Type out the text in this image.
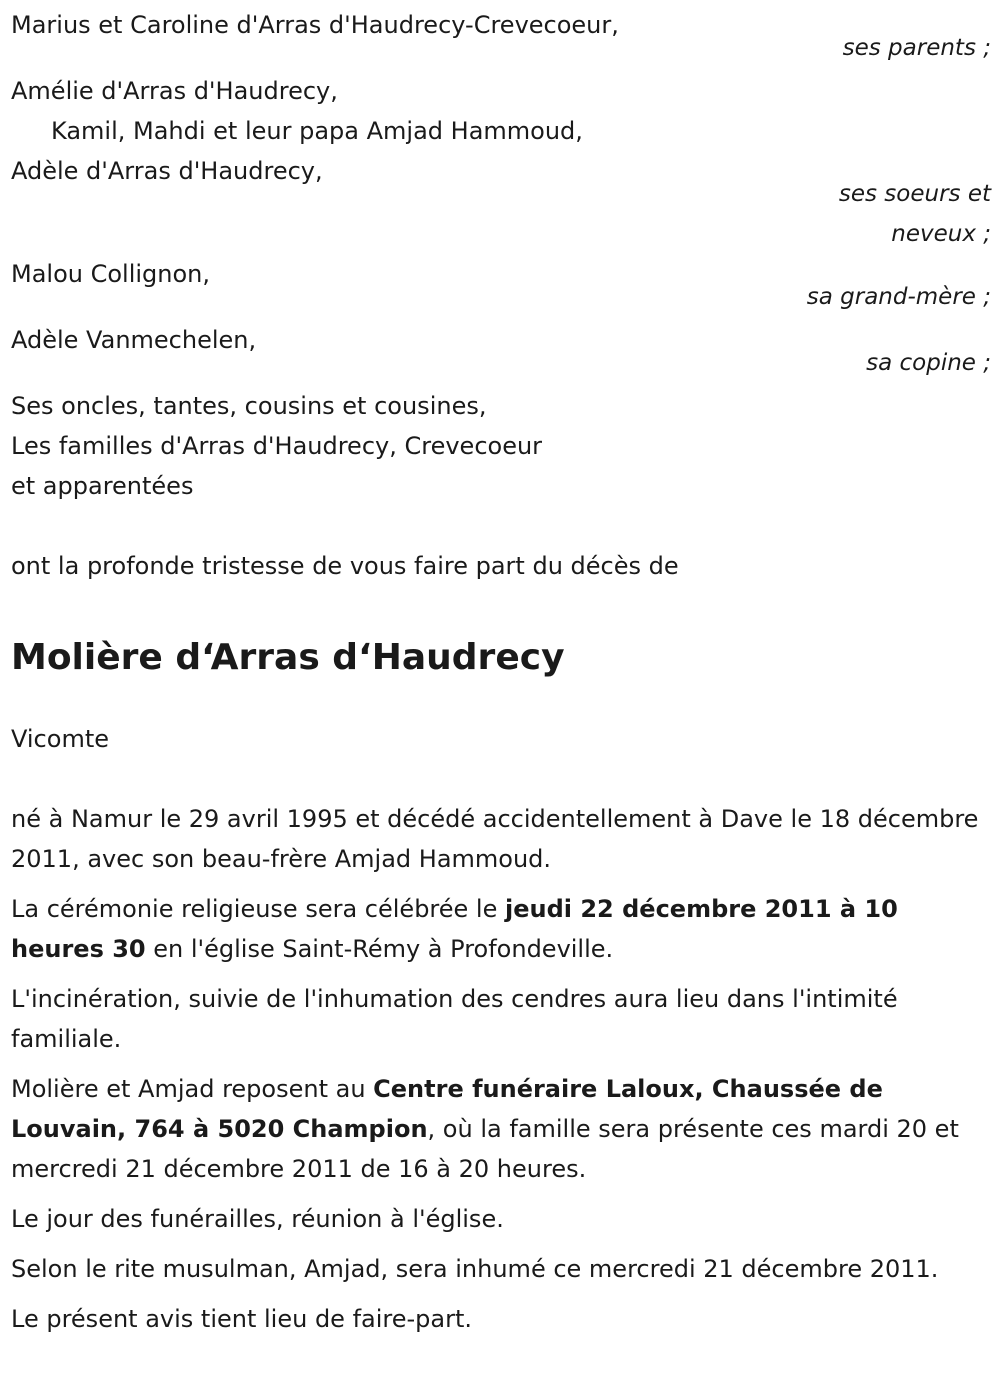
Marius et Caroline d'Arras d'Haudrecy-Crevecoeur,
ses parents ;
Amélie d'Arras d'Haudrecy,
Kamil, Mahdi et leur papa Amjad Hammoud,
Adèle d'Arras d'Haudrecy,
ses soeurs et
neveux ;
Malou Collignon,
sa grand-mère ;
Adèle Vanmechelen,
sa copine ;
Ses oncles, tantes, cousins et cousines,
Les familles d'Arras d'Haudrecy, Crevecoeur
et apparentées
ont la profonde tristesse de vous faire part du décès de
Molière d‘Arras d‘Haudrecy
Vicomte
né à Namur le 29 avril 1995 et décédé accidentellement à Dave le 18 décembre 2011, avec son beau-frère Amjad Hammoud.
La cérémonie religieuse sera célébrée le jeudi 22 décembre 2011 à 10 heures 30 en l'église Saint-Rémy à Profondeville.
L'incinération, suivie de l'inhumation des cendres aura lieu dans l'intimité familiale.
Molière et Amjad reposent au Centre funéraire Laloux, Chaussée de Louvain, 764 à 5020 Champion, où la famille sera présente ces mardi 20 et mercredi 21 décembre 2011 de 16 à 20 heures.
Le jour des funérailles, réunion à l'église.
Selon le rite musulman, Amjad, sera inhumé ce mercredi 21 décembre 2011.
Le présent avis tient lieu de faire-part.
